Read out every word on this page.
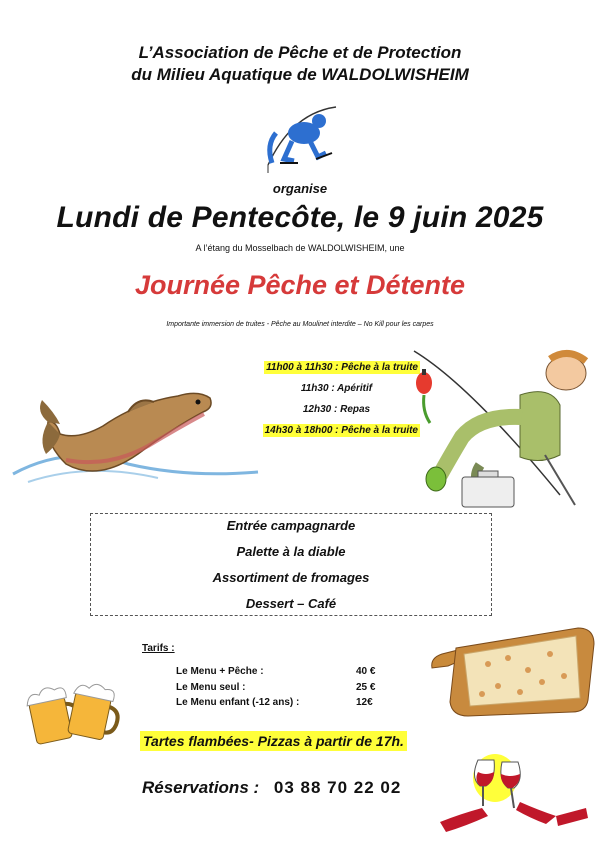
L’Association de Pêche et de Protection
du Milieu Aquatique de WALDOLWISHEIM
organise
Lundi de Pentecôte, le 9 juin 2025
A l’étang du Mosselbach de WALDOLWISHEIM, une
Journée Pêche et Détente
Importante immersion de truites - Pêche au Moulinet interdite – No Kill pour les carpes
11h00 à 11h30 : Pêche à la truite
11h30 : Apéritif
12h30 : Repas
14h30 à 18h00 : Pêche à la truite
Entrée campagnarde
Palette à la diable
Assortiment de fromages
Dessert – Café
Tarifs :
Le Menu + Pêche :	40 €
Le Menu seul :	25 €
Le Menu enfant (-12 ans) :	12€
Tartes flambées- Pizzas à partir de 17h.
Réservations : 03 88 70 22 02
